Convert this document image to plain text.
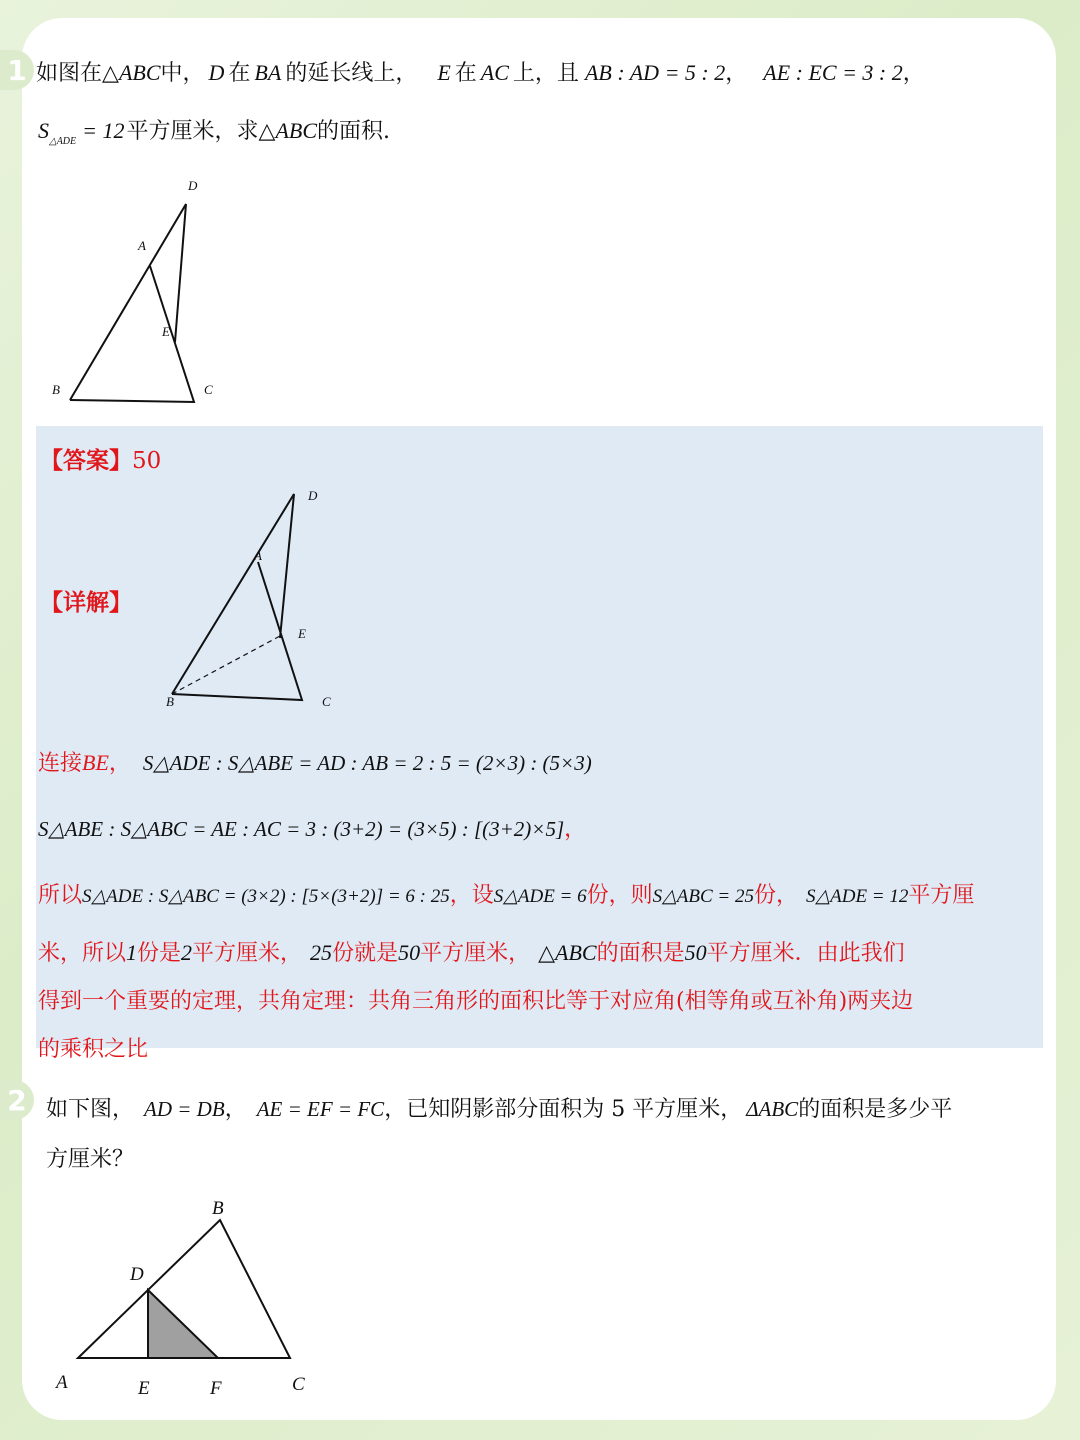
1 如图在△ABC中， D 在 BA 的延长线上， E 在 AC 上，且 AB : AD = 5 : 2， AE : EC = 3 : 2，
$S_{\triangle ADE} = 12$平方厘米，求△ABC的面积.
D
A
E
B	C
【答案】50
D
A
E
B	C
【详解】
连接BE， S△ADE : S△ABE = AD : AB = 2 : 5 = (2×3) : (5×3)
S△ABE : S△ABC = AE : AC = 3 : (3+2) = (3×5) : [(3+2)×5]，
所以S△ADE : S△ABC = (3×2) : [5×(3+2)] = 6 : 25，设S△ADE = 6份，则S△ABC = 25份， S△ADE = 12平方厘
米，所以1份是2平方厘米， 25份就是50平方厘米， △ABC的面积是50平方厘米．由此我们
得到一个重要的定理，共角定理：共角三角形的面积比等于对应角(相等角或互补角)两夹边
的乘积之比
2 如下图， AD = DB， AE = EF = FC，已知阴影部分面积为 5 平方厘米， ΔABC的面积是多少平
方厘米？
B
D
A	E	F	C
